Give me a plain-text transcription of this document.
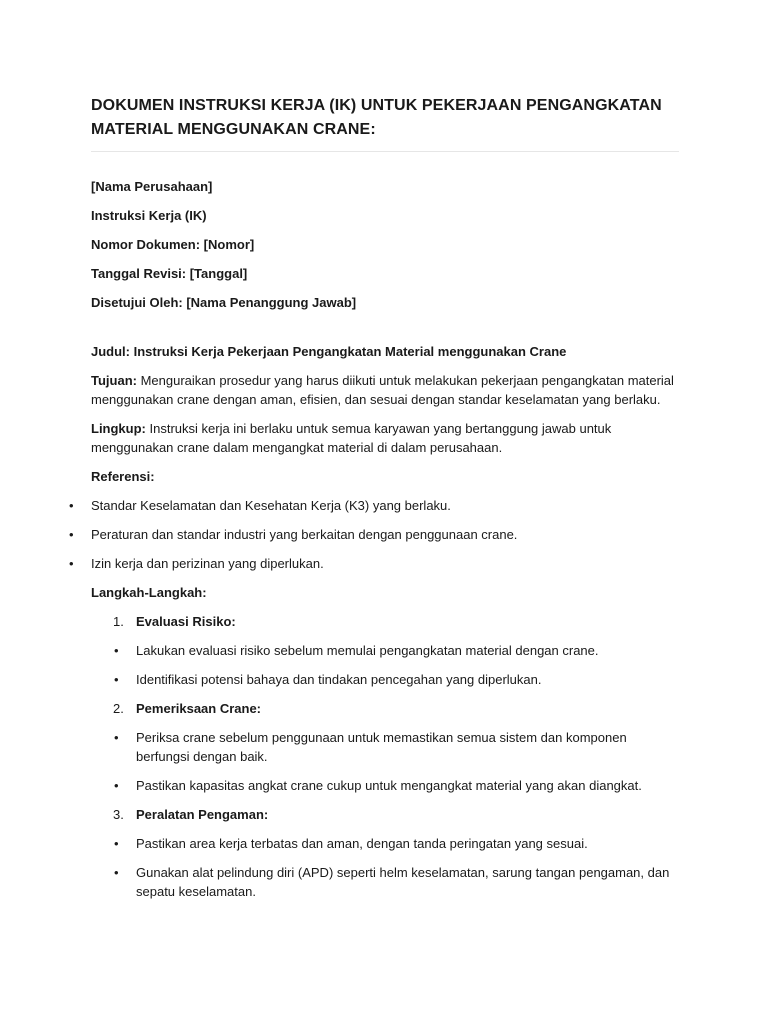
DOKUMEN INSTRUKSI KERJA (IK) UNTUK PEKERJAAN PENGANGKATAN MATERIAL MENGGUNAKAN CRANE:
[Nama Perusahaan]
Instruksi Kerja (IK)
Nomor Dokumen: [Nomor]
Tanggal Revisi: [Tanggal]
Disetujui Oleh: [Nama Penanggung Jawab]
Judul: Instruksi Kerja Pekerjaan Pengangkatan Material menggunakan Crane
Tujuan: Menguraikan prosedur yang harus diikuti untuk melakukan pekerjaan pengangkatan material menggunakan crane dengan aman, efisien, dan sesuai dengan standar keselamatan yang berlaku.
Lingkup: Instruksi kerja ini berlaku untuk semua karyawan yang bertanggung jawab untuk menggunakan crane dalam mengangkat material di dalam perusahaan.
Referensi:
• Standar Keselamatan dan Kesehatan Kerja (K3) yang berlaku.
• Peraturan dan standar industri yang berkaitan dengan penggunaan crane.
• Izin kerja dan perizinan yang diperlukan.
Langkah-Langkah:
1. Evaluasi Risiko:
• Lakukan evaluasi risiko sebelum memulai pengangkatan material dengan crane.
• Identifikasi potensi bahaya dan tindakan pencegahan yang diperlukan.
2. Pemeriksaan Crane:
• Periksa crane sebelum penggunaan untuk memastikan semua sistem dan komponen berfungsi dengan baik.
• Pastikan kapasitas angkat crane cukup untuk mengangkat material yang akan diangkat.
3. Peralatan Pengaman:
• Pastikan area kerja terbatas dan aman, dengan tanda peringatan yang sesuai.
• Gunakan alat pelindung diri (APD) seperti helm keselamatan, sarung tangan pengaman, dan sepatu keselamatan.
